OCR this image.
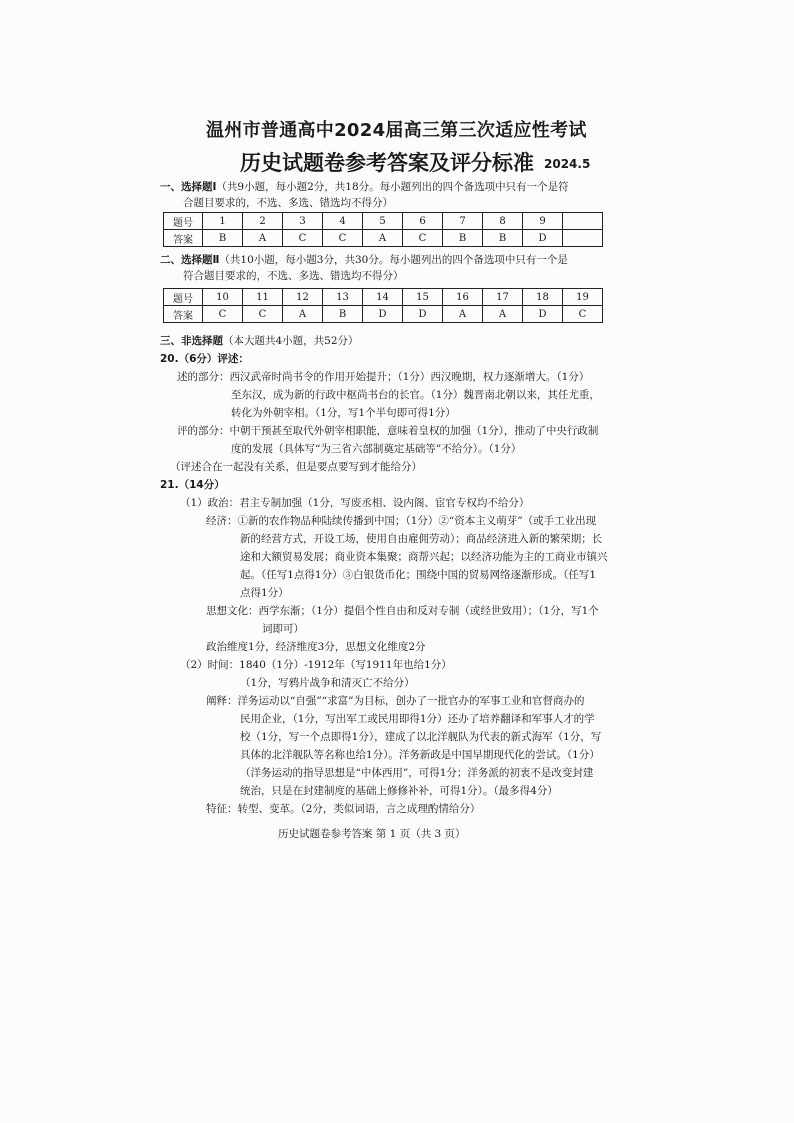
温州市普通高中2024届高三第三次适应性考试
历史试题卷参考答案及评分标准 2024.5
一、选择题Ⅰ（共9小题，每小题2分，共18分。每小题列出的四个备选项中只有一个是符
合题目要求的，不选、多选、错选均不得分）
题号	1	2	3	4	5	6	7	8	9	
答案	B	A	C	C	A	C	B	B	D	
二、选择题Ⅱ（共10小题，每小题3分，共30分。每小题列出的四个备选项中只有一个是
符合题目要求的，不选、多选、错选均不得分）
题号	10	11	12	13	14	15	16	17	18	19
答案	C	C	A	B	D	D	A	A	D	C
三、非选择题（本大题共4小题，共52分）
20.（6分）评述：
述的部分：西汉武帝时尚书令的作用开始提升；（1分）西汉晚期，权力逐渐增大。（1分）
至东汉，成为新的行政中枢尚书台的长官。（1分）魏晋南北朝以来，其任尤重，
转化为外朝宰相。（1分，写1个半句即可得1分）
评的部分：中朝干预甚至取代外朝宰相职能，意味着皇权的加强（1分），推动了中央行政制
度的发展（具体写“为三省六部制奠定基础等”不给分）。（1分）
（评述合在一起没有关系，但是要点要写到才能给分）
21.（14分）
（1）政治：君主专制加强（1分，写废丞相、设内阁、宦官专权均不给分）
经济：①新的农作物品种陆续传播到中国；（1分）②“资本主义萌芽”（或手工业出现
新的经营方式，开设工场，使用自由雇佣劳动）；商品经济进入新的繁荣期；长
途和大额贸易发展；商业资本集聚；商帮兴起；以经济功能为主的工商业市镇兴
起。（任写1点得1分）③白银货币化；围绕中国的贸易网络逐渐形成。（任写1
点得1分）
思想文化：西学东渐；（1分）提倡个性自由和反对专制（或经世致用）；（1分，写1个
词即可）
政治维度1分，经济维度3分，思想文化维度2分
（2）时间：1840（1分）-1912年（写1911年也给1分）
（1分，写鸦片战争和清灭亡不给分）
阐释：洋务运动以“自强”“求富”为目标，创办了一批官办的军事工业和官督商办的
民用企业，（1分，写出军工或民用即得1分）还办了培养翻译和军事人才的学
校（1分，写一个点即得1分），建成了以北洋舰队为代表的新式海军（1分，写
具体的北洋舰队等名称也给1分）。洋务新政是中国早期现代化的尝试。（1分）
（洋务运动的指导思想是“中体西用”，可得1分；洋务派的初衷不是改变封建
统治，只是在封建制度的基础上修修补补，可得1分）。（最多得4分）
特征：转型、变革。（2分，类似词语，言之成理酌情给分）
历史试题卷参考答案 第 1 页（共 3 页）
